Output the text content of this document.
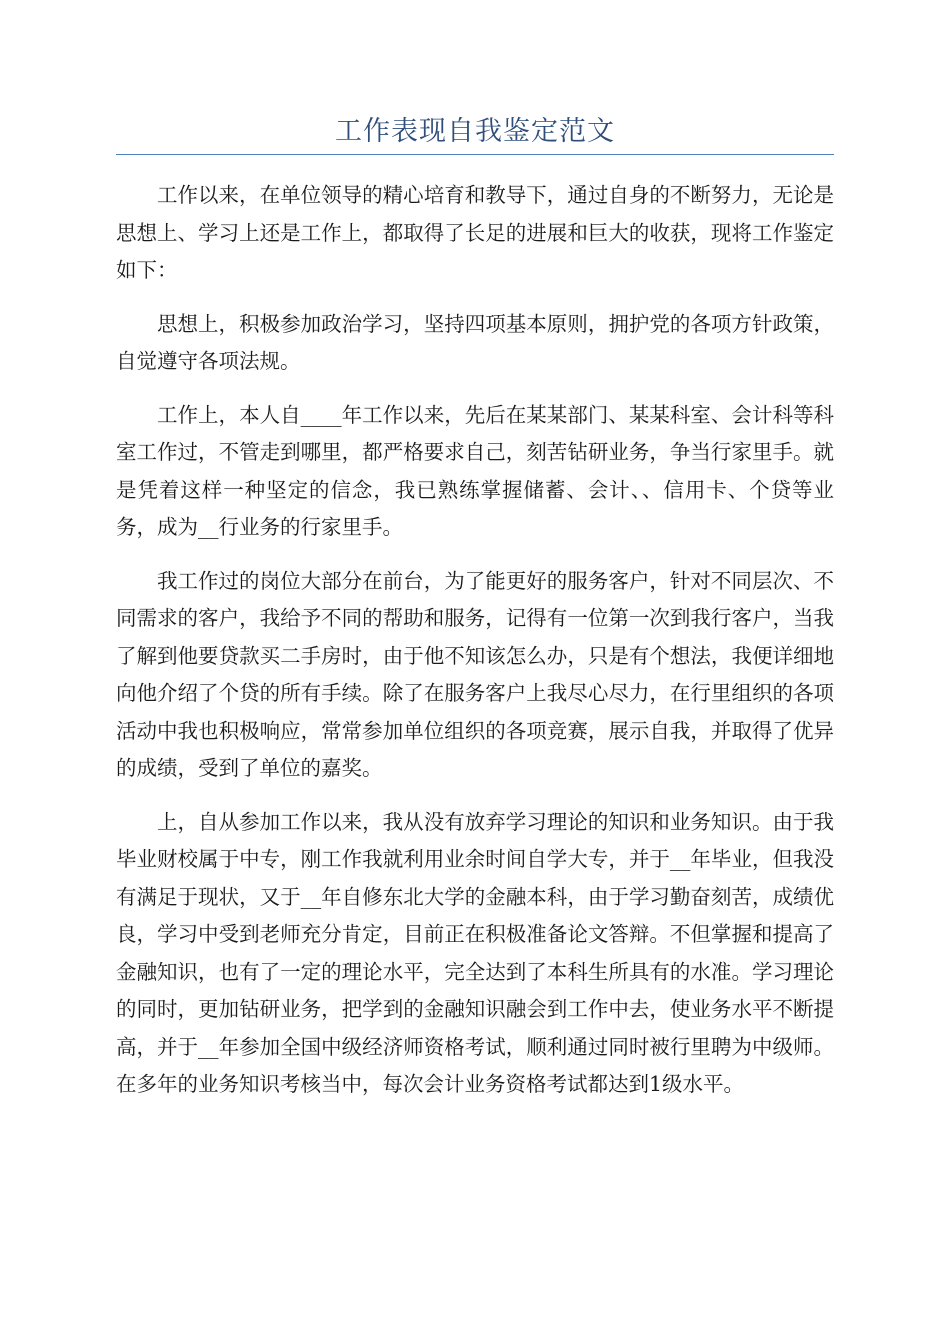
工作表现自我鉴定范文

工作以来，在单位领导的精心培育和教导下，通过自身的不断努力，无论是思想上、学习上还是工作上，都取得了长足的进展和巨大的收获，现将工作鉴定如下：

思想上，积极参加政治学习，坚持四项基本原则，拥护党的各项方针政策，自觉遵守各项法规。

工作上，本人自____年工作以来，先后在某某部门、某某科室、会计科等科室工作过，不管走到哪里，都严格要求自己，刻苦钻研业务，争当行家里手。就是凭着这样一种坚定的信念，我已熟练掌握储蓄、会计、、信用卡、个贷等业务，成为__行业务的行家里手。

我工作过的岗位大部分在前台，为了能更好的服务客户，针对不同层次、不同需求的客户，我给予不同的帮助和服务，记得有一位第一次到我行客户，当我了解到他要贷款买二手房时，由于他不知该怎么办，只是有个想法，我便详细地向他介绍了个贷的所有手续。除了在服务客户上我尽心尽力，在行里组织的各项活动中我也积极响应，常常参加单位组织的各项竞赛，展示自我，并取得了优异的成绩，受到了单位的嘉奖。

上，自从参加工作以来，我从没有放弃学习理论的知识和业务知识。由于我毕业财校属于中专，刚工作我就利用业余时间自学大专，并于__年毕业，但我没有满足于现状，又于__年自修东北大学的金融本科，由于学习勤奋刻苦，成绩优良，学习中受到老师充分肯定，目前正在积极准备论文答辩。不但掌握和提高了金融知识，也有了一定的理论水平，完全达到了本科生所具有的水准。学习理论的同时，更加钻研业务，把学到的金融知识融会到工作中去，使业务水平不断提高，并于__年参加全国中级经济师资格考试，顺利通过同时被行里聘为中级师。在多年的业务知识考核当中，每次会计业务资格考试都达到1级水平。
